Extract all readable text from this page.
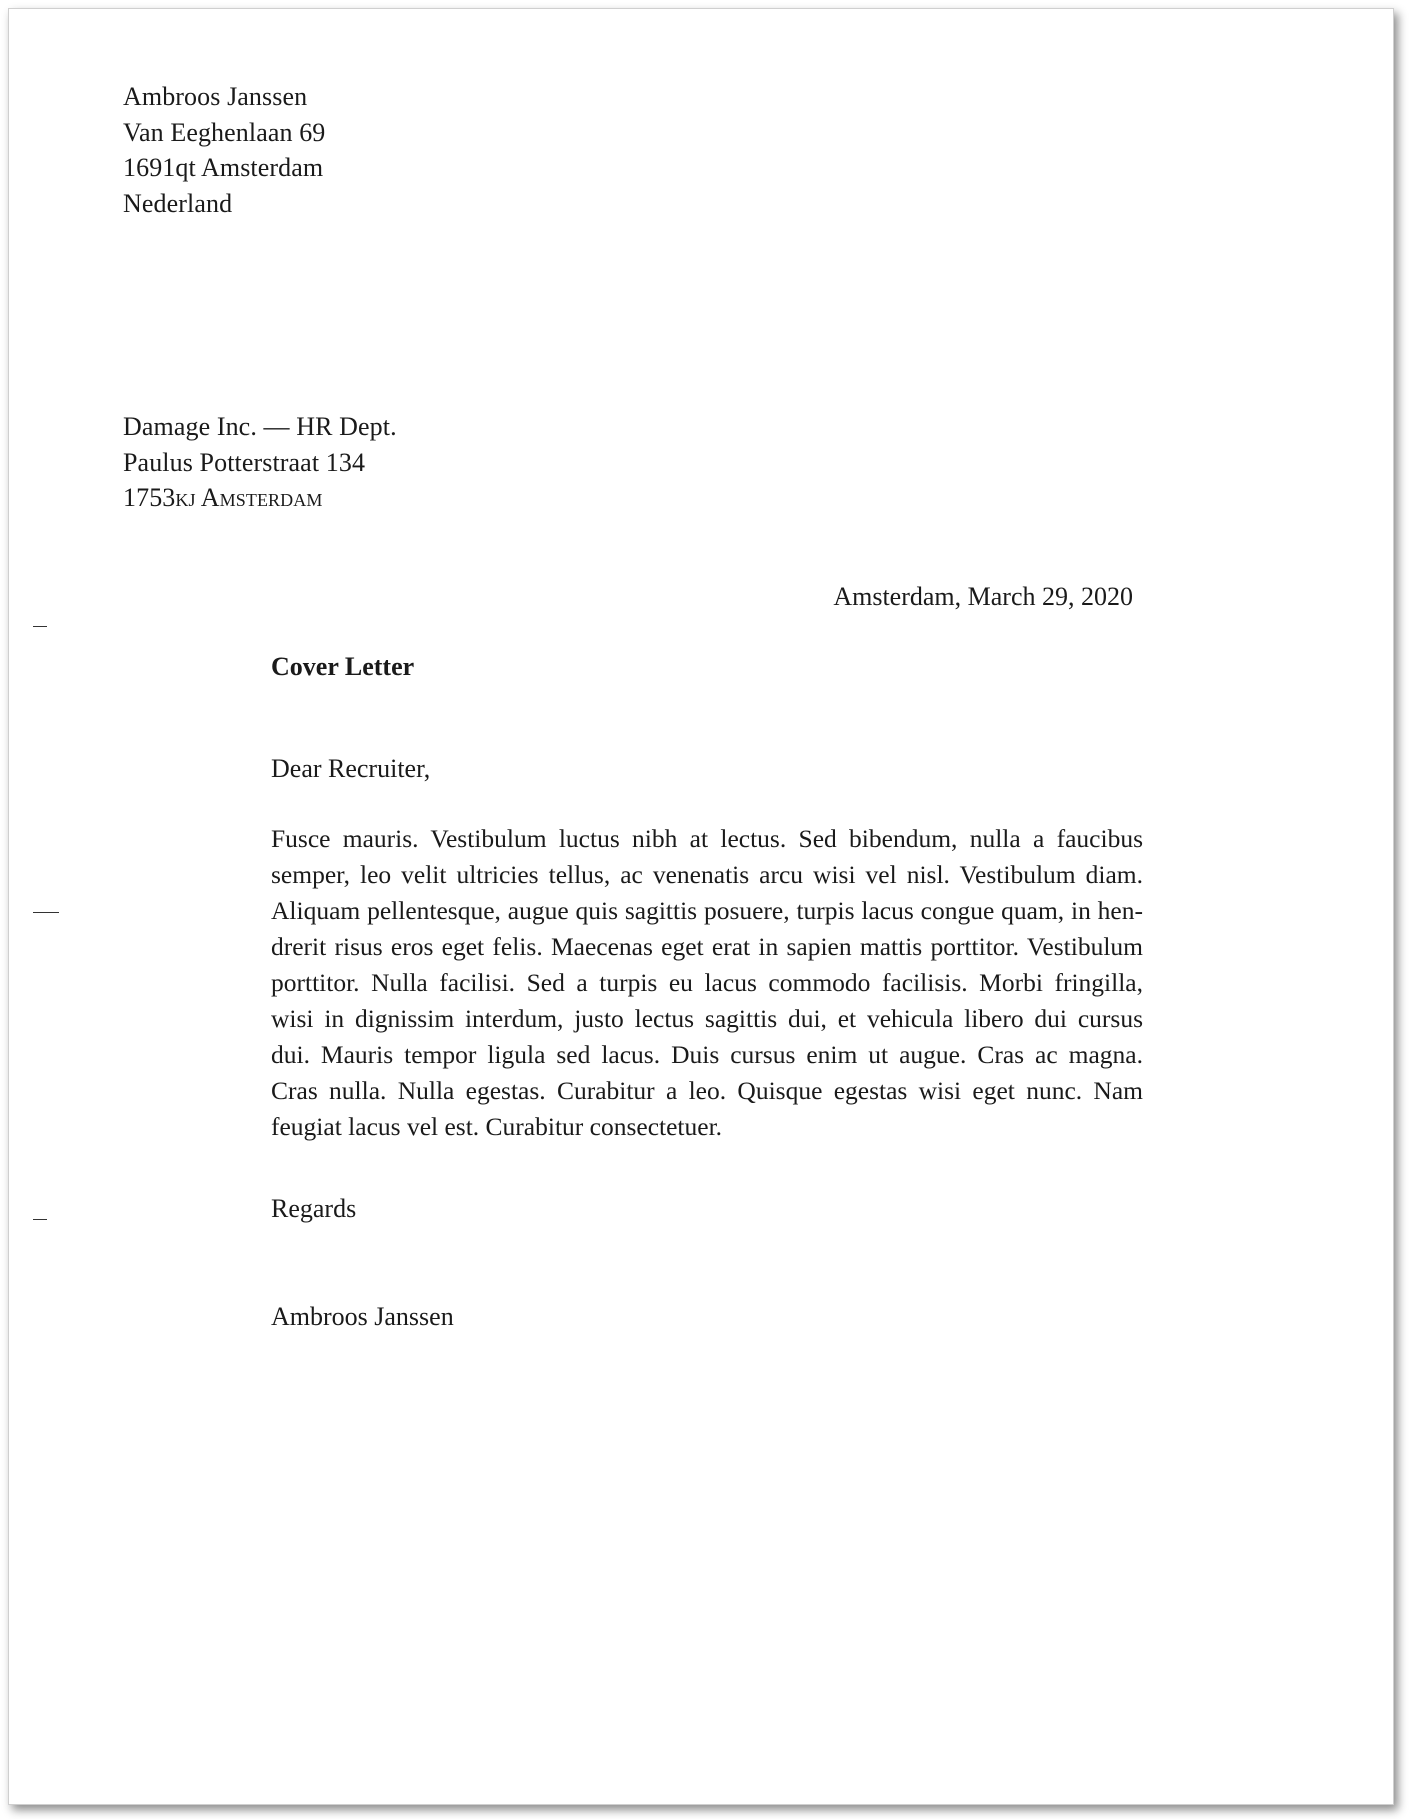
Ambroos Janssen
Van Eeghenlaan 69
1691qt Amsterdam
Nederland
Damage Inc. — HR Dept.
Paulus Potterstraat 134
1753kj Amsterdam
Amsterdam, March 29, 2020
Cover Letter
Dear Recruiter,
Fusce mauris. Vestibulum luctus nibh at lectus. Sed bibendum, nulla a faucibus
semper, leo velit ultricies tellus, ac venenatis arcu wisi vel nisl. Vestibulum diam.
Aliquam pellentesque, augue quis sagittis posuere, turpis lacus congue quam, in hen-
drerit risus eros eget felis. Maecenas eget erat in sapien mattis porttitor. Vestibulum
porttitor. Nulla facilisi. Sed a turpis eu lacus commodo facilisis. Morbi fringilla,
wisi in dignissim interdum, justo lectus sagittis dui, et vehicula libero dui cursus
dui. Mauris tempor ligula sed lacus. Duis cursus enim ut augue. Cras ac magna.
Cras nulla. Nulla egestas. Curabitur a leo. Quisque egestas wisi eget nunc. Nam
feugiat lacus vel est. Curabitur consectetuer.
Regards
Ambroos Janssen
